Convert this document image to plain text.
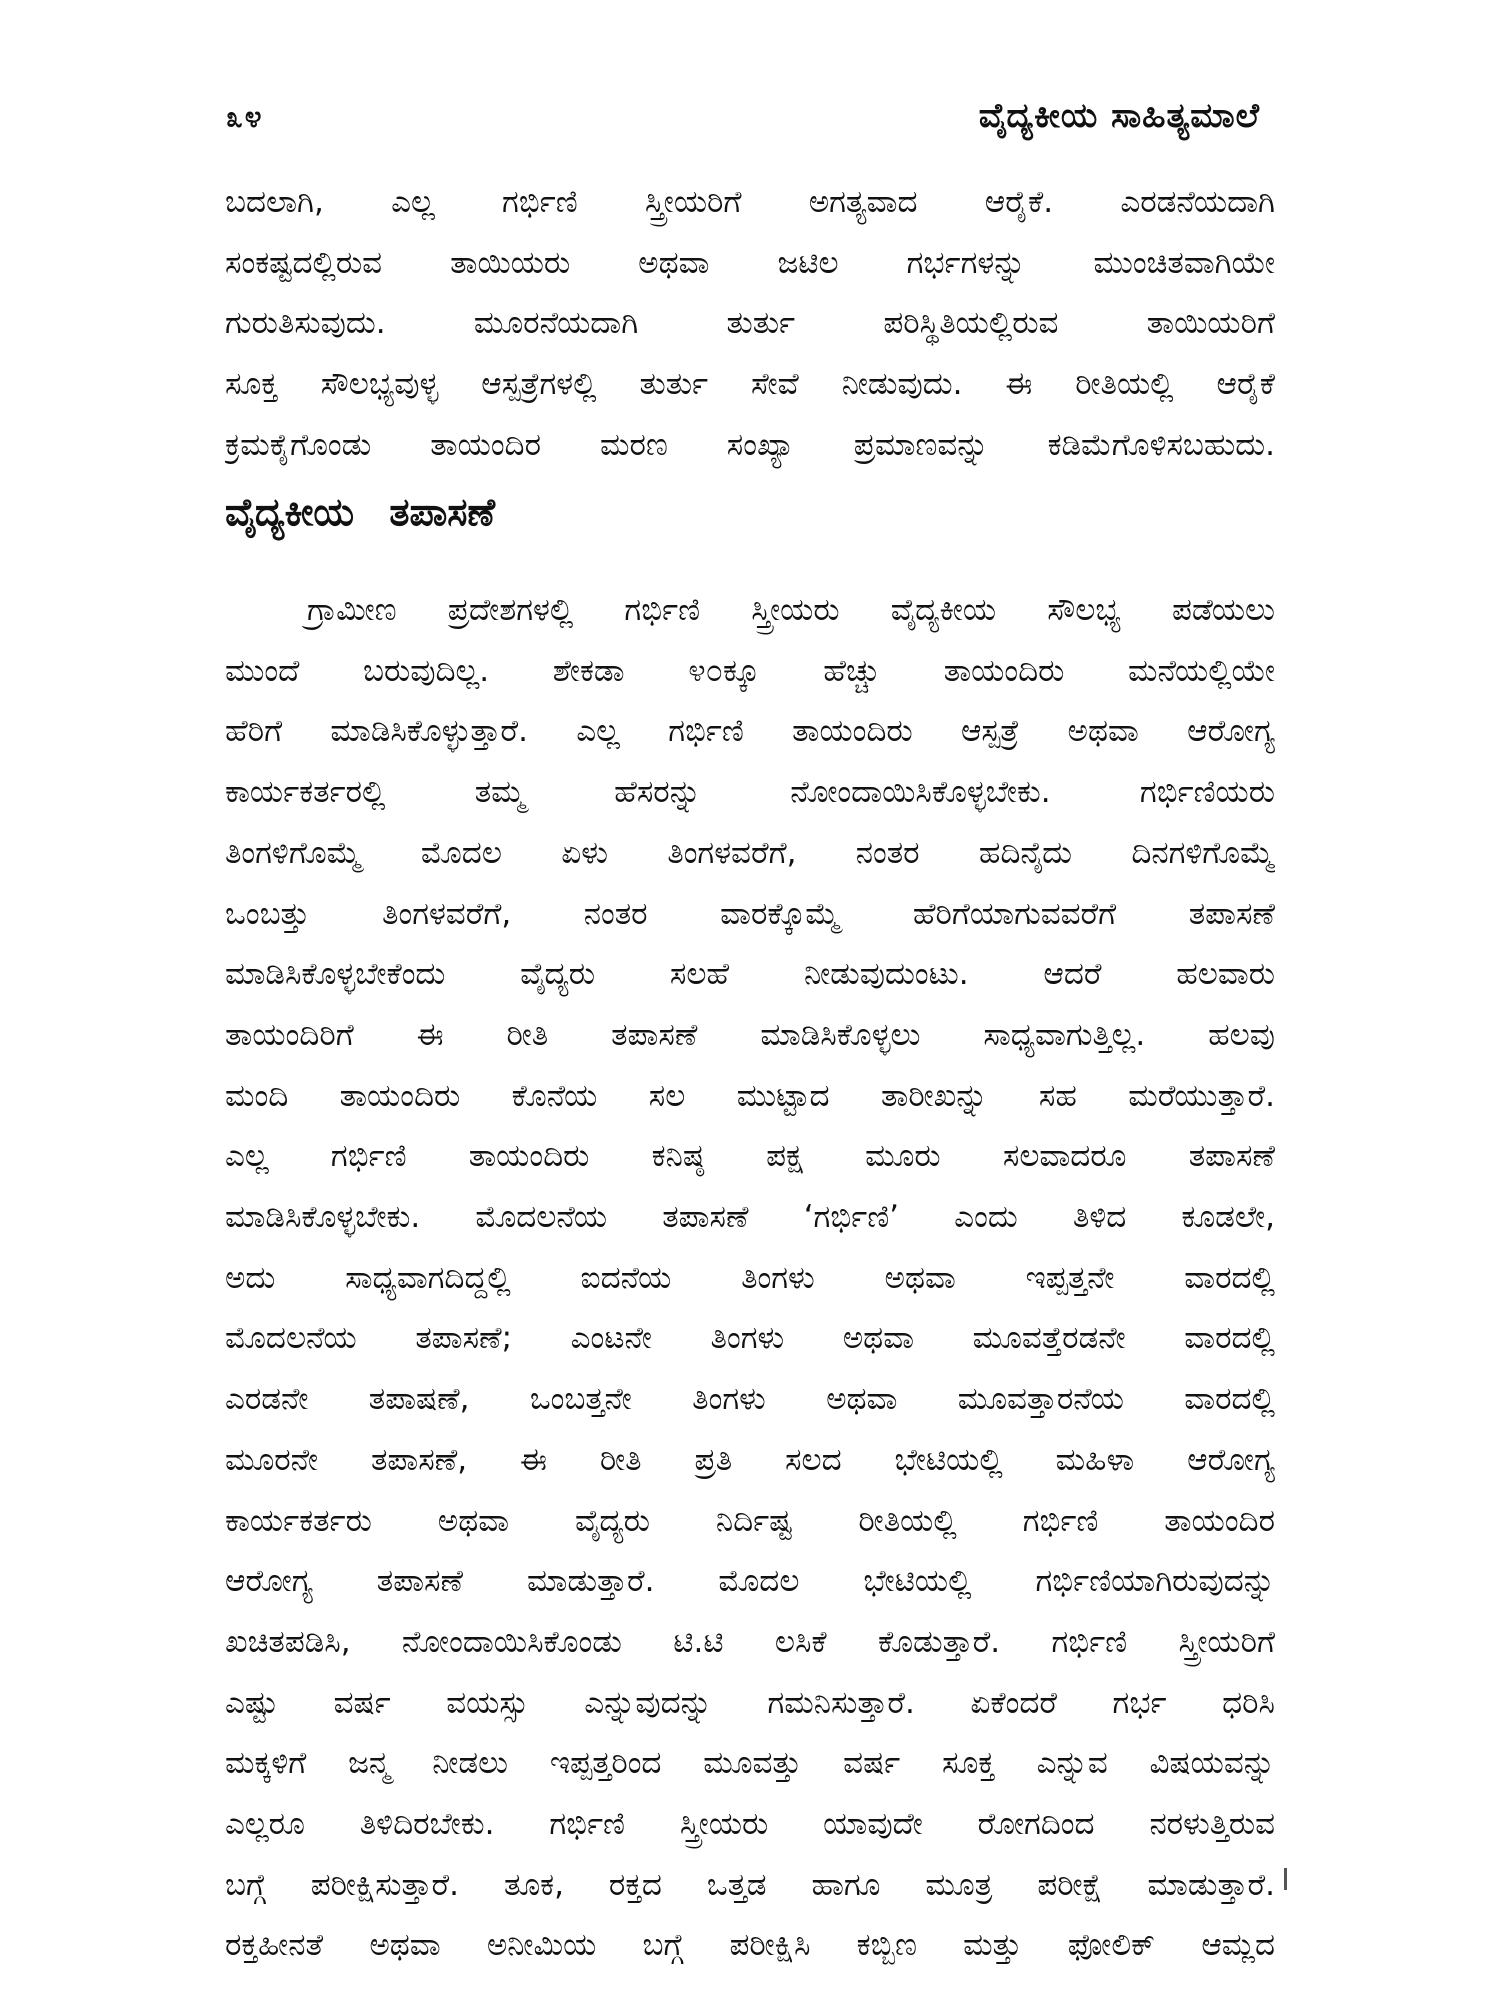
೩೪	ವೈದ್ಯಕೀಯ ಸಾಹಿತ್ಯಮಾಲೆ
ಬದಲಾಗಿ, ಎಲ್ಲ ಗರ್ಭಿಣಿ ಸ್ತ್ರೀಯರಿಗೆ ಅಗತ್ಯವಾದ ಆರೈಕೆ. ಎರಡನೆಯದಾಗಿ
ಸಂಕಷ್ಟದಲ್ಲಿರುವ ತಾಯಿಯರು ಅಥವಾ ಜಟಿಲ ಗರ್ಭಗಳನ್ನು ಮುಂಚಿತವಾಗಿಯೇ
ಗುರುತಿಸುವುದು. ಮೂರನೆಯದಾಗಿ ತುರ್ತು ಪರಿಸ್ಥಿತಿಯಲ್ಲಿರುವ ತಾಯಿಯರಿಗೆ
ಸೂಕ್ತ ಸೌಲಭ್ಯವುಳ್ಳ ಆಸ್ಪತ್ರೆಗಳಲ್ಲಿ ತುರ್ತು ಸೇವೆ ನೀಡುವುದು. ಈ ರೀತಿಯಲ್ಲಿ ಆರೈಕೆ
ಕ್ರಮಕೈಗೊಂಡು ತಾಯಂದಿರ ಮರಣ ಸಂಖ್ಯಾ ಪ್ರಮಾಣವನ್ನು ಕಡಿಮೆಗೊಳಿಸಬಹುದು.
ವೈದ್ಯಕೀಯ ತಪಾಸಣೆ
ಗ್ರಾಮೀಣ ಪ್ರದೇಶಗಳಲ್ಲಿ ಗರ್ಭಿಣಿ ಸ್ತ್ರೀಯರು ವೈದ್ಯಕೀಯ ಸೌಲಭ್ಯ ಪಡೆಯಲು
ಮುಂದೆ ಬರುವುದಿಲ್ಲ. ಶೇಕಡಾ ೪೦ಕ್ಕೂ ಹೆಚ್ಚು ತಾಯಂದಿರು ಮನೆಯಲ್ಲಿಯೇ
ಹೆರಿಗೆ ಮಾಡಿಸಿಕೊಳ್ಳುತ್ತಾರೆ. ಎಲ್ಲ ಗರ್ಭಿಣಿ ತಾಯಂದಿರು ಆಸ್ಪತ್ರೆ ಅಥವಾ ಆರೋಗ್ಯ
ಕಾರ್ಯಕರ್ತರಲ್ಲಿ ತಮ್ಮ ಹೆಸರನ್ನು ನೋಂದಾಯಿಸಿಕೊಳ್ಳಬೇಕು. ಗರ್ಭಿಣಿಯರು
ತಿಂಗಳಿಗೊಮ್ಮೆ ಮೊದಲ ಏಳು ತಿಂಗಳವರೆಗೆ, ನಂತರ ಹದಿನೈದು ದಿನಗಳಿಗೊಮ್ಮೆ
ಒಂಬತ್ತು ತಿಂಗಳವರೆಗೆ, ನಂತರ ವಾರಕ್ಕೊಮ್ಮೆ ಹೆರಿಗೆಯಾಗುವವರೆಗೆ ತಪಾಸಣೆ
ಮಾಡಿಸಿಕೊಳ್ಳಬೇಕೆಂದು ವೈದ್ಯರು ಸಲಹೆ ನೀಡುವುದುಂಟು. ಆದರೆ ಹಲವಾರು
ತಾಯಂದಿರಿಗೆ ಈ ರೀತಿ ತಪಾಸಣೆ ಮಾಡಿಸಿಕೊಳ್ಳಲು ಸಾಧ್ಯವಾಗುತ್ತಿಲ್ಲ. ಹಲವು
ಮಂದಿ ತಾಯಂದಿರು ಕೊನೆಯ ಸಲ ಮುಟ್ಟಾದ ತಾರೀಖನ್ನು ಸಹ ಮರೆಯುತ್ತಾರೆ.
ಎಲ್ಲ ಗರ್ಭಿಣಿ ತಾಯಂದಿರು ಕನಿಷ್ಠ ಪಕ್ಷ ಮೂರು ಸಲವಾದರೂ ತಪಾಸಣೆ
ಮಾಡಿಸಿಕೊಳ್ಳಬೇಕು. ಮೊದಲನೆಯ ತಪಾಸಣೆ ‘ಗರ್ಭಿಣಿ’ ಎಂದು ತಿಳಿದ ಕೂಡಲೇ,
ಅದು ಸಾಧ್ಯವಾಗದಿದ್ದಲ್ಲಿ ಐದನೆಯ ತಿಂಗಳು ಅಥವಾ ಇಪ್ಪತ್ತನೇ ವಾರದಲ್ಲಿ
ಮೊದಲನೆಯ ತಪಾಸಣೆ; ಎಂಟನೇ ತಿಂಗಳು ಅಥವಾ ಮೂವತ್ತೆರಡನೇ ವಾರದಲ್ಲಿ
ಎರಡನೇ ತಪಾಷಣೆ, ಒಂಬತ್ತನೇ ತಿಂಗಳು ಅಥವಾ ಮೂವತ್ತಾರನೆಯ ವಾರದಲ್ಲಿ
ಮೂರನೇ ತಪಾಸಣೆ, ಈ ರೀತಿ ಪ್ರತಿ ಸಲದ ಭೇಟಿಯಲ್ಲಿ ಮಹಿಳಾ ಆರೋಗ್ಯ
ಕಾರ್ಯಕರ್ತರು ಅಥವಾ ವೈದ್ಯರು ನಿರ್ದಿಷ್ಟ ರೀತಿಯಲ್ಲಿ ಗರ್ಭಿಣಿ ತಾಯಂದಿರ
ಆರೋಗ್ಯ ತಪಾಸಣೆ ಮಾಡುತ್ತಾರೆ. ಮೊದಲ ಭೇಟಿಯಲ್ಲಿ ಗರ್ಭಿಣಿಯಾಗಿರುವುದನ್ನು
ಖಚಿತಪಡಿಸಿ, ನೋಂದಾಯಿಸಿಕೊಂಡು ಟಿ.ಟಿ ಲಸಿಕೆ ಕೊಡುತ್ತಾರೆ. ಗರ್ಭಿಣಿ ಸ್ತ್ರೀಯರಿಗೆ
ಎಷ್ಟು ವರ್ಷ ವಯಸ್ಸು ಎನ್ನುವುದನ್ನು ಗಮನಿಸುತ್ತಾರೆ. ಏಕೆಂದರೆ ಗರ್ಭ ಧರಿಸಿ
ಮಕ್ಕಳಿಗೆ ಜನ್ಮ ನೀಡಲು ಇಪ್ಪತ್ತರಿಂದ ಮೂವತ್ತು ವರ್ಷ ಸೂಕ್ತ ಎನ್ನುವ ವಿಷಯವನ್ನು
ಎಲ್ಲರೂ ತಿಳಿದಿರಬೇಕು. ಗರ್ಭಿಣಿ ಸ್ತ್ರೀಯರು ಯಾವುದೇ ರೋಗದಿಂದ ನರಳುತ್ತಿರುವ
ಬಗ್ಗೆ ಪರೀಕ್ಷಿಸುತ್ತಾರೆ. ತೂಕ, ರಕ್ತದ ಒತ್ತಡ ಹಾಗೂ ಮೂತ್ರ ಪರೀಕ್ಷೆ ಮಾಡುತ್ತಾರೆ.
ರಕ್ತಹೀನತೆ ಅಥವಾ ಅನೀಮಿಯ ಬಗ್ಗೆ ಪರೀಕ್ಷಿಸಿ ಕಬ್ಬಿಣ ಮತ್ತು ಫೋಲಿಕ್ ಆಮ್ಲದ
